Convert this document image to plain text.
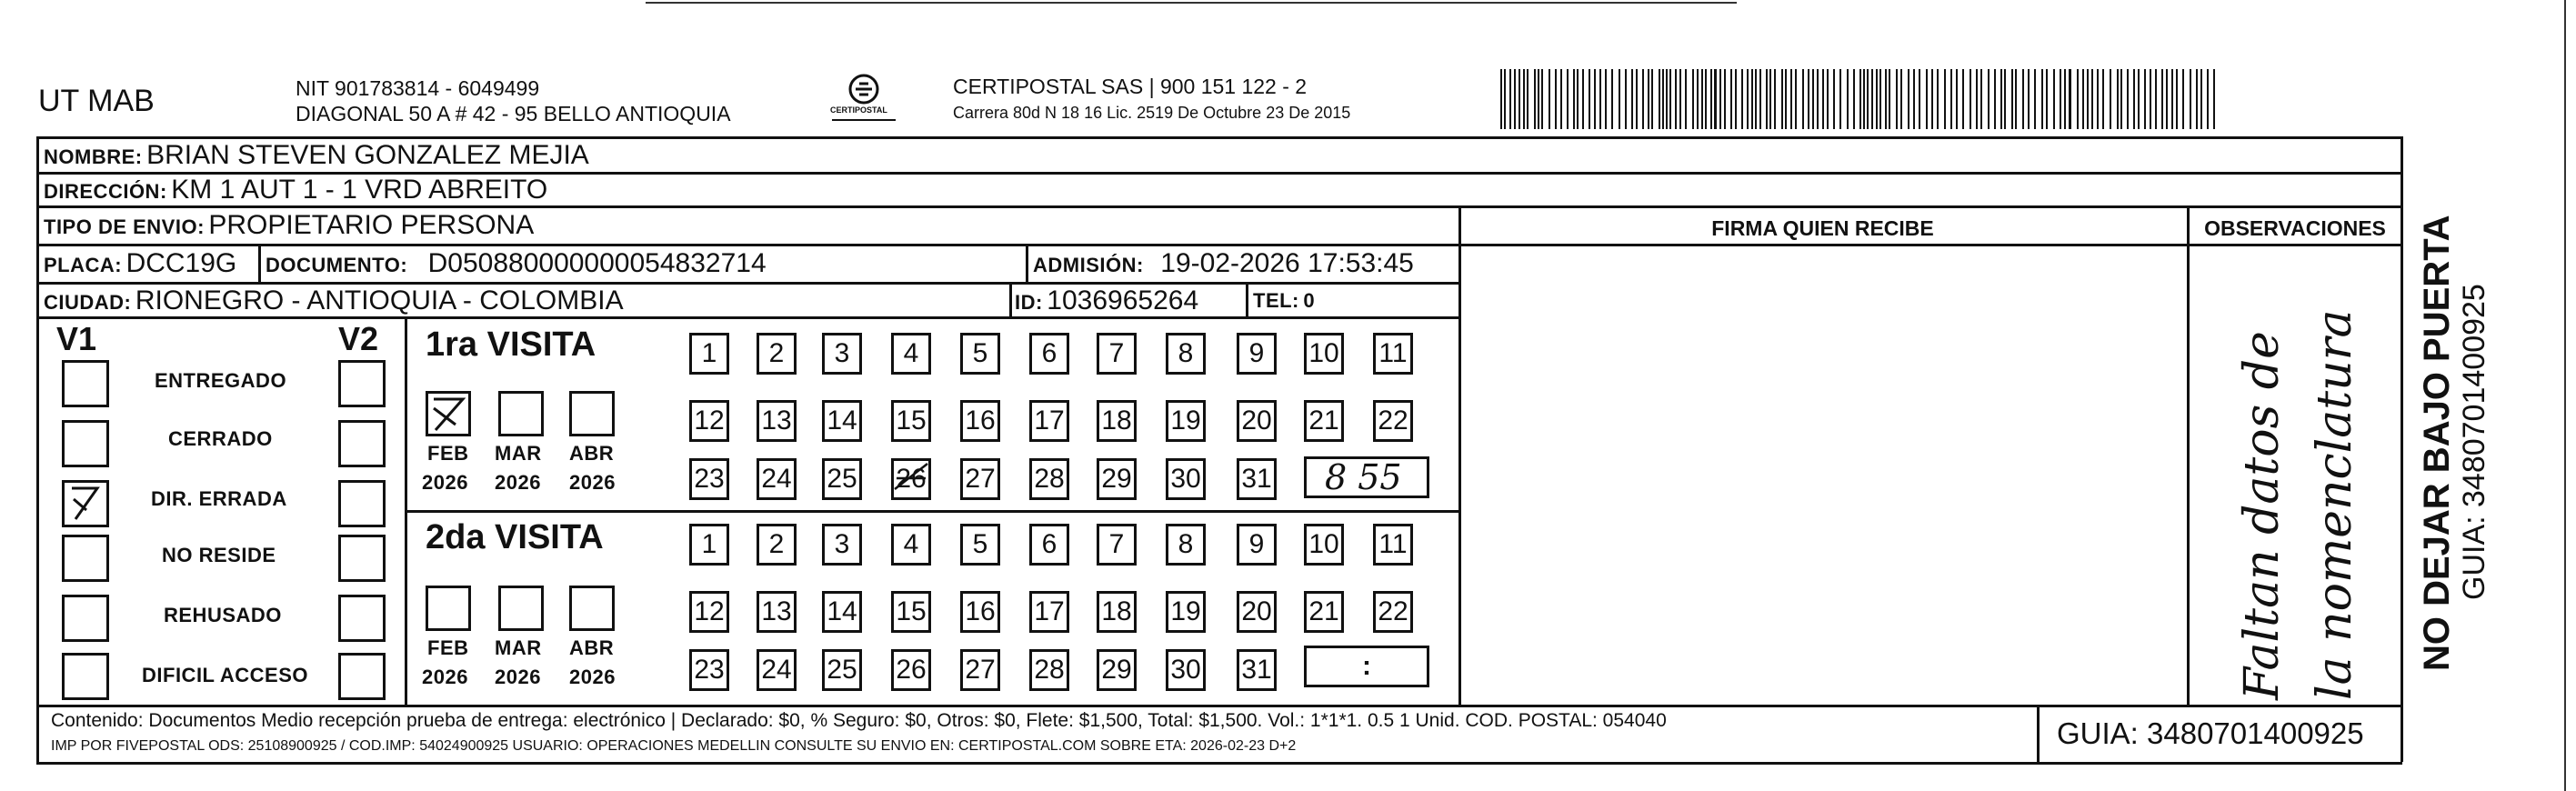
UT MAB	NIT 901783814 - 6049499
DIAGONAL 50 A # 42 - 95 BELLO ANTIOQUIA	CERTIPOSTAL
CERTIPOSTAL SAS | 900 151 122 - 2
Carrera 80d N 18 16 Lic. 2519 De Octubre 23 De 2015
NOMBRE: BRIAN STEVEN GONZALEZ MEJIA
DIRECCIÓN: KM 1 AUT 1 - 1 VRD ABREITO
TIPO DE ENVIO: PROPIETARIO PERSONA	FIRMA QUIEN RECIBE	OBSERVACIONES
PLACA: DCC19G DOCUMENTO: D050880000000054832714	ADMISIÓN: 19-02-2026 17:53:45
CIUDAD: RIONEGRO - ANTIOQUIA - COLOMBIA	ID: 1036965264	TEL: 0
V1	V2
ENTREGADO
CERRADO
DIR. ERRADA
NO RESIDE
REHUSADO
DIFICIL ACCESO
1ra VISITA
FEB MAR ABR
2026 2026 2026
1	2	3	4	5	6	7	8	9	10 11
12 13 14 15 16 17 18 19 20 21 22
23 24 25	27 28 29 30 31 8 55
2da VISITA
FEB MAR ABR
2026 2026 2026
1	2	3	4	5	6	7	8	9	10 11
12 13 14 15 16 17 18 19 20 21 22
23 24 25 26 27 28 29 30 31	:	Faltan datos de la nomenclatura
Contenido: Documentos Medio recepción prueba de entrega: electrónico | Declarado: $0, % Seguro: $0, Otros: $0, Flete: $1,500, Total: $1,500. Vol.: 1*1*1. 0.5 1 Unid. COD. POSTAL: 054040
IMP POR FIVEPOSTAL ODS: 25108900925 / COD.IMP: 54024900925 USUARIO: OPERACIONES MEDELLIN CONSULTE SU ENVIO EN: CERTIPOSTAL.COM SOBRE ETA: 2026-02-23 D+2	GUIA: 3480701400925
NO DEJAR BAJO PUERTA GUIA: 3480701400925
